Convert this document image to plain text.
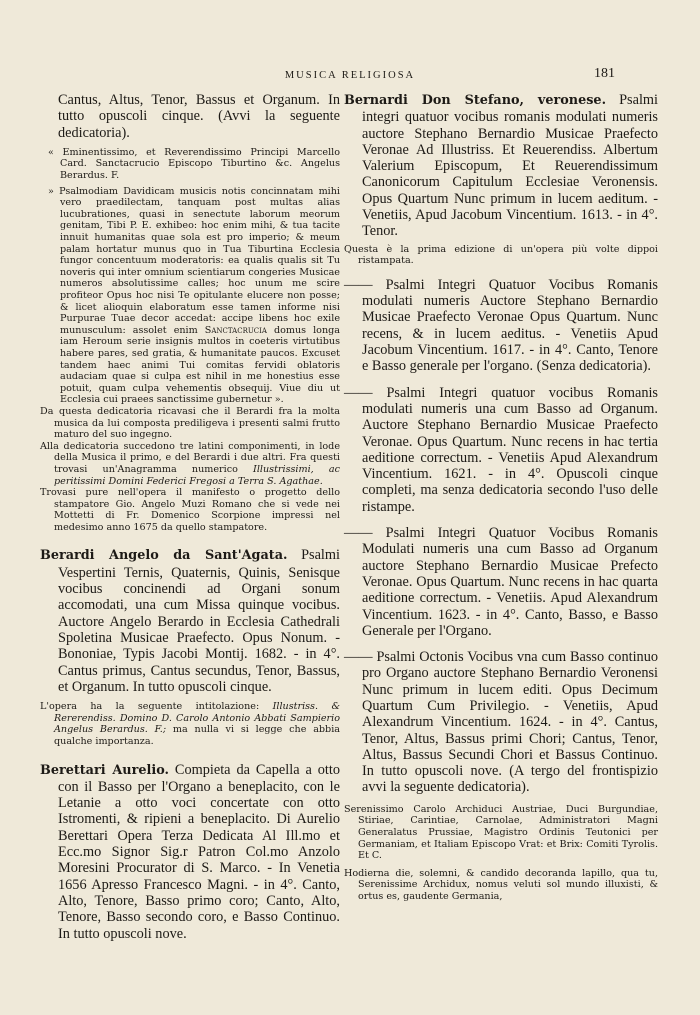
MUSICA RELIGIOSA	181

Cantus, Altus, Tenor, Bassus et Organum. In tutto opuscoli cinque. (Avvi la seguente dedicatoria).

« Eminentissimo, et Reverendissimo Principi Marcello Card. Sanctacrucio Episcopo Tiburtino &c. Angelus Berardus. F.

» Psalmodiam Davidicam musicis notis concinnatam mihi vero praedilectam, tanquam post multas alias lucubrationes, quasi in senectute laborum meorum genitam, Tibi P. E. exhibeo: hoc enim mihi, & tua tacite innuit humanitas quae sola est pro imperio; & meum palam hortatur munus quo in Tua Tiburtina Ecclesia fungor concentuum moderatoris: ea qualis qualis sit Tu noveris qui inter omnium scientiarum congeries Musicae numeros absolutissime calles; hoc unum me scire profiteor Opus hoc nisi Te opitulante elucere non posse; & licet alioquin elaboratum esse tamen informe nisi Purpurae Tuae decor accedat: accipe libens hoc exile munusculum: assolet enim Sanctacrucia domus longa iam Heroum serie insignis multos in coeteris virtutibus habere pares, sed gratia, & humanitate paucos. Excuset tandem haec animi Tui comitas fervidi oblatoris audaciam quae si culpa est nihil in me honestius esse potuit, quam culpa vehementis obsequij. Viue diu ut Ecclesia cui praees sanctissime gubernetur ».

Da questa dedicatoria ricavasi che il Berardi fra la molta musica da lui composta prediligeva i presenti salmi frutto maturo del suo ingegno.

Alla dedicatoria succedono tre latini componimenti, in lode della Musica il primo, e del Berardi i due altri. Fra questi trovasi un'Anagramma numerico Illustrissimi, ac peritissimi Domini Federici Fregosi a Terra S. Agathae.

Trovasi pure nell'opera il manifesto o progetto dello stampatore Gio. Angelo Muzi Romano che si vede nei Mottetti di Fr. Domenico Scorpione impressi nel medesimo anno 1675 da quello stampatore.

Berardi Angelo da Sant'Agata. Psalmi Vespertini Ternis, Quaternis, Quinis, Senisque vocibus concinendi ad Organi sonum accomodati, una cum Missa quinque vocibus. Auctore Angelo Berardo in Ecclesia Cathedrali Spoletina Musicae Praefecto. Opus Nonum. - Bononiae, Typis Jacobi Montij. 1682. - in 4°. Cantus primus, Cantus secundus, Tenor, Bassus, et Organum. In tutto opuscoli cinque.

L'opera ha la seguente intitolazione: Illustriss. & Rererendiss. Domino D. Carolo Antonio Abbati Sampierio Angelus Berardus. F.; ma nulla vi si legge che abbia qualche importanza.

Berettari Aurelio. Compieta da Capella a otto con il Basso per l'Organo a beneplacito, con le Letanie a otto voci concertate con otto Istromenti, & ripieni a beneplacito. Di Aurelio Berettari Opera Terza Dedicata Al Ill.mo et Ecc.mo Signor Sig.r Patron Col.mo Anzolo Moresini Procurator di S. Marco. - In Venetia 1656 Apresso Francesco Magni. - in 4°. Canto, Alto, Tenore, Basso primo coro; Canto, Alto, Tenore, Basso secondo coro, e Basso Continuo. In tutto opuscoli nove.

Bernardi Don Stefano, veronese. Psalmi integri quatuor vocibus romanis modulati numeris auctore Stephano Bernardio Musicae Praefecto Veronae Ad Illustriss. Et Reuerendiss. Albertum Valerium Episcopum, Et Reuerendissimum Canonicorum Capitulum Ecclesiae Veronensis. Opus Quartum Nunc primum in lucem aeditum. - Venetiis, Apud Jacobum Vincentium. 1613. - in 4°. Tenor.

Questa è la prima edizione di un'opera più volte dippoi ristampata.

—— Psalmi Integri Quatuor Vocibus Romanis modulati numeris Auctore Stephano Bernardio Musicae Praefecto Veronae Opus Quartum. Nunc recens, & in lucem aeditus. - Venetiis Apud Jacobum Vincentium. 1617. - in 4°. Canto, Tenore e Basso generale per l'organo. (Senza dedicatoria).

—— Psalmi Integri quatuor vocibus Romanis modulati numeris una cum Basso ad Organum. Auctore Stephano Bernardio Musicae Praefecto Veronae. Opus Quartum. Nunc recens in hac tertia aeditione correctum. - Venetiis Apud Alexandrum Vincentium. 1621. - in 4°. Opuscoli cinque completi, ma senza dedicatoria secondo l'uso delle ristampe.

—— Psalmi Integri Quatuor Vocibus Romanis Modulati numeris una cum Basso ad Organum auctore Stephano Bernardio Musicae Prefecto Veronae. Opus Quartum. Nunc recens in hac quarta aeditione correctum. - Venetiis. Apud Alexandrum Vincentium. 1623. - in 4°. Canto, Basso, e Basso Generale per l'Organo.

—— Psalmi Octonis Vocibus vna cum Basso continuo pro Organo auctore Stephano Bernardio Veronensi Nunc primum in lucem editi. Opus Decimum Quartum Cum Privilegio. - Venetiis, Apud Alexandrum Vincentium. 1624. - in 4°. Cantus, Tenor, Altus, Bassus primi Chori; Cantus, Tenor, Altus, Bassus Secundi Chori et Bassus Continuo. In tutto opuscoli nove. (A tergo del frontispizio avvi la seguente dedicatoria).

Serenissimo Carolo Archiduci Austriae, Duci Burgundiae, Stiriae, Carintiae, Carnolae, Administratori Magni Generalatus Prussiae, Magistro Ordinis Teutonici per Germaniam, et Italiam Episcopo Vrat: et Brix: Comiti Tyrolis. Et C.

Hodierna die, solemni, & candido decoranda lapillo, qua tu, Serenissime Archidux, nomus veluti sol mundo illuxisti, & ortus es, gaudente Germania,
